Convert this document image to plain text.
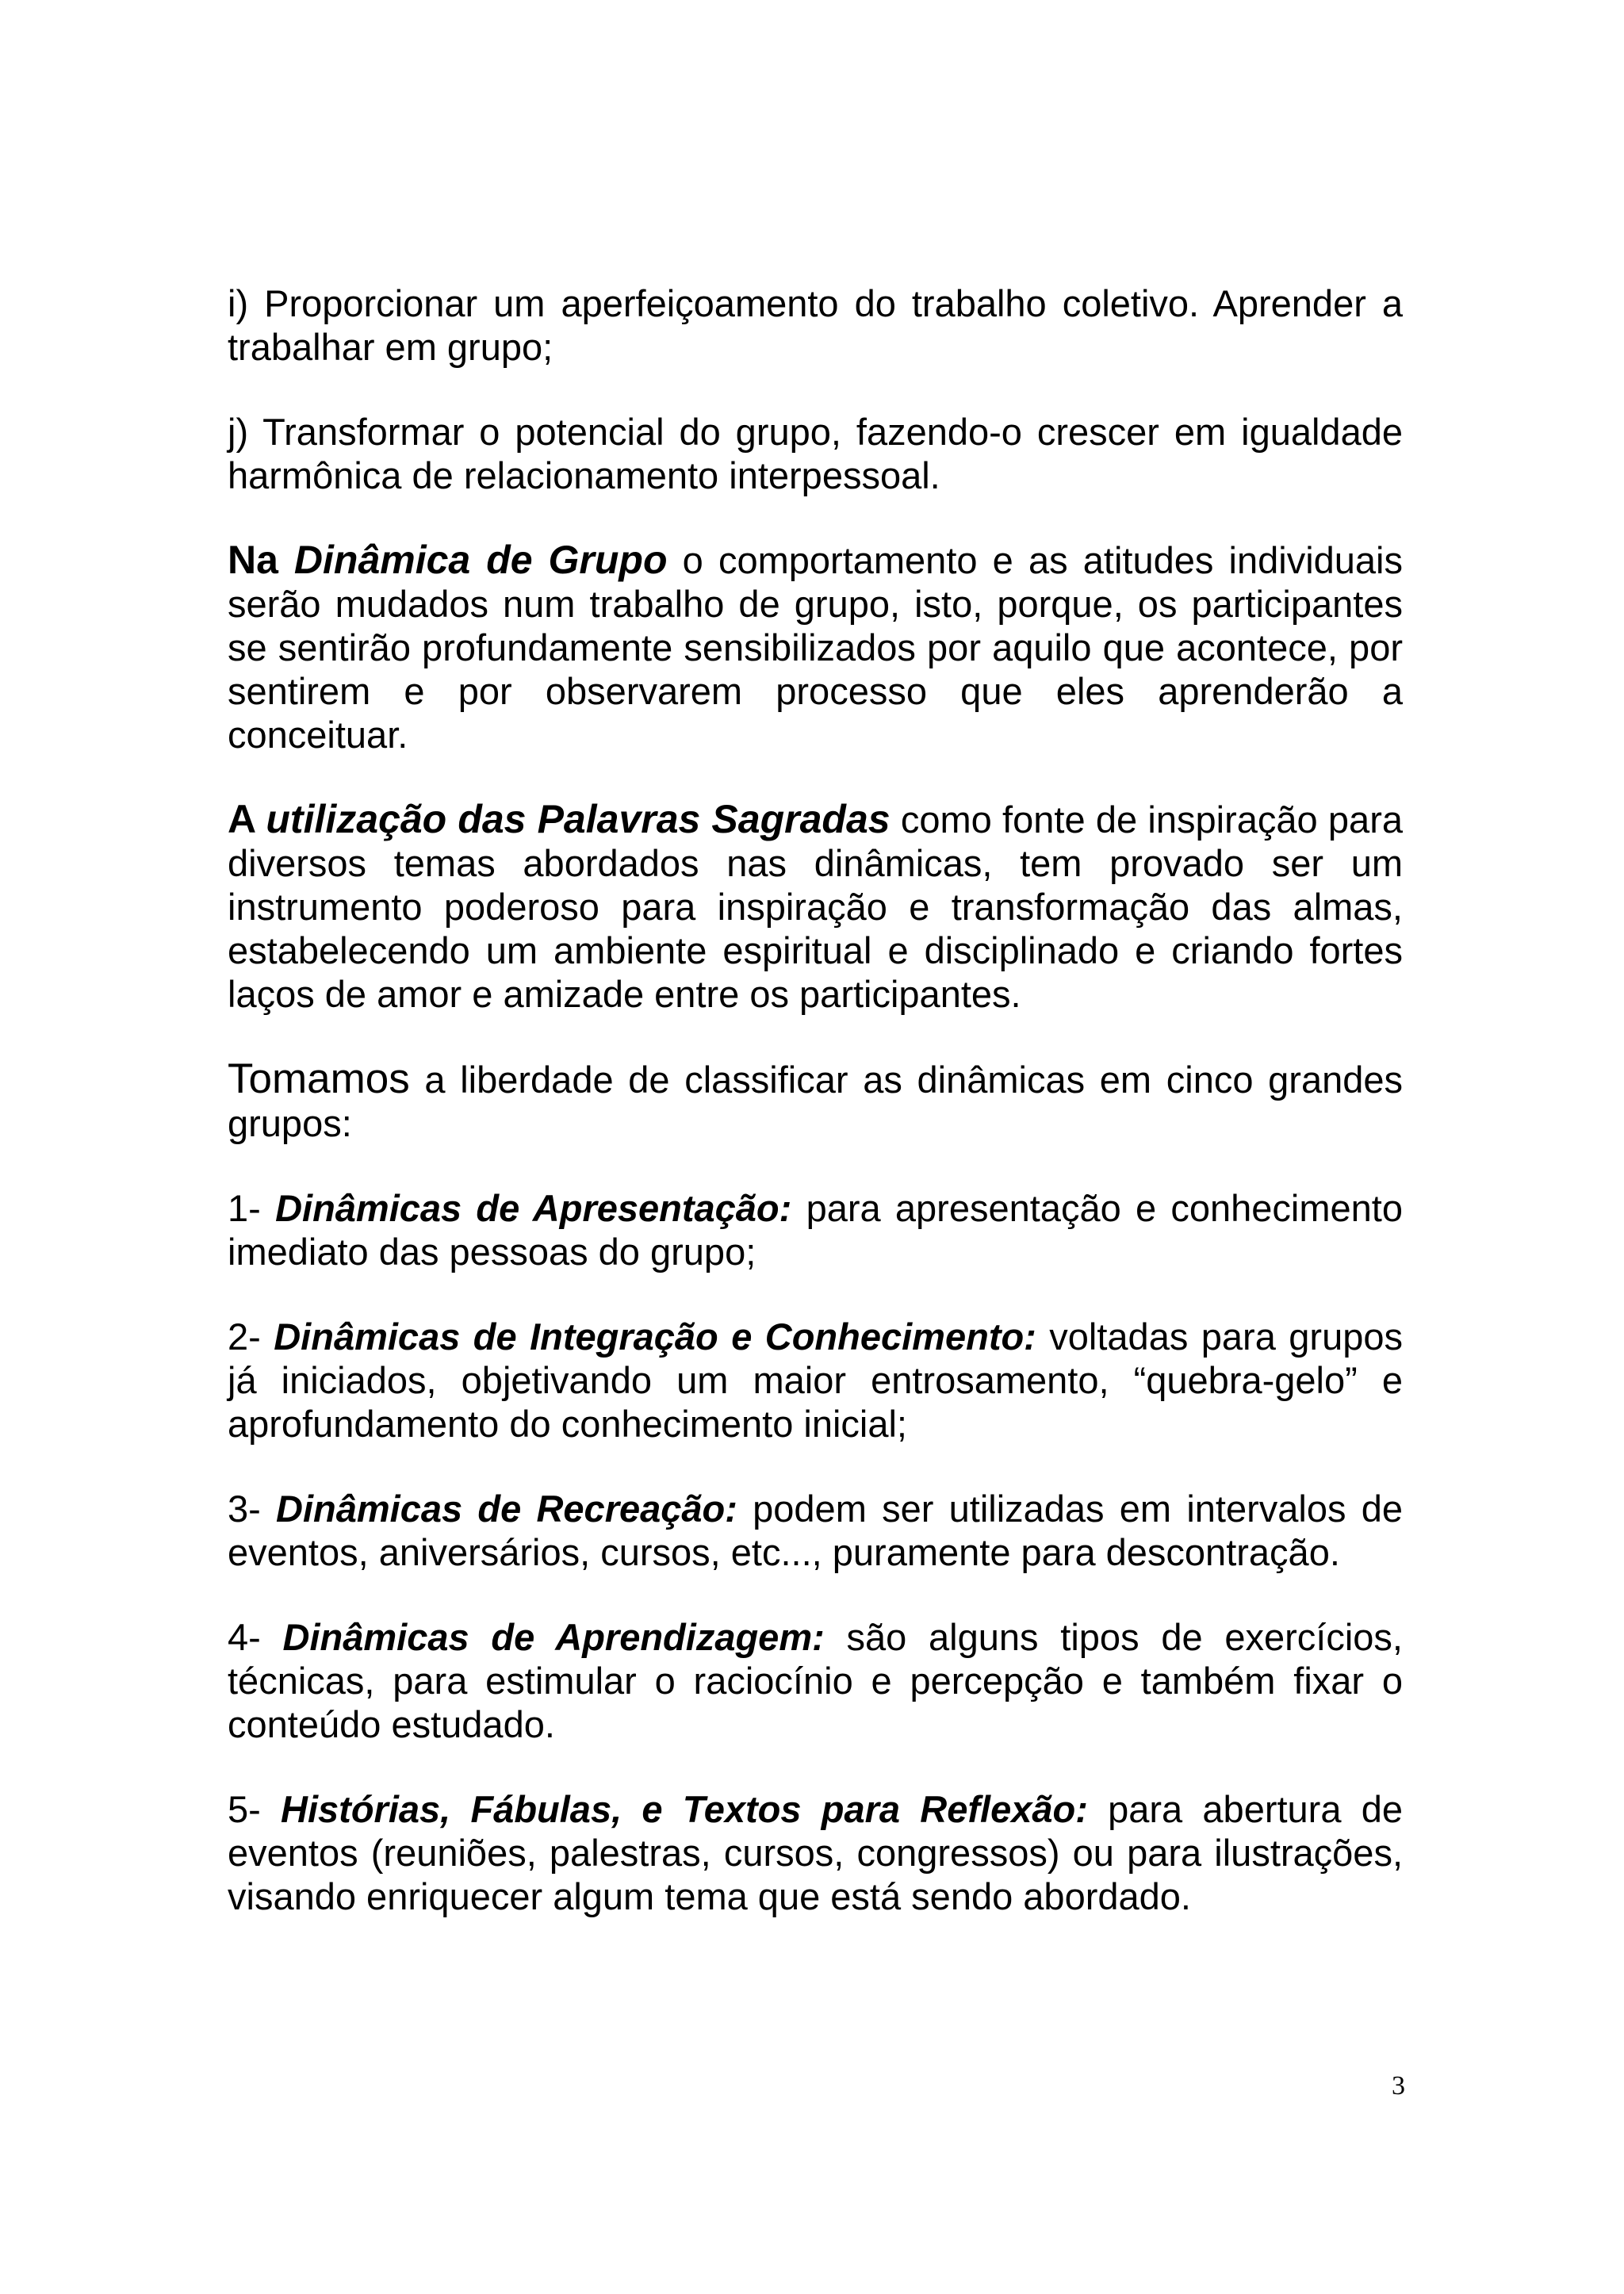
i) Proporcionar um aperfeiçoamento do trabalho coletivo. Aprender a trabalhar em grupo;

j) Transformar o potencial do grupo, fazendo-o crescer em igualdade harmônica de relacionamento interpessoal.

Na Dinâmica de Grupo o comportamento e as atitudes individuais serão mudados num trabalho de grupo, isto, porque, os participantes se sentirão profundamente sensibilizados por aquilo que acontece, por sentirem e por observarem processo que eles aprenderão a conceituar.

A utilização das Palavras Sagradas como fonte de inspiração para diversos temas abordados nas dinâmicas, tem provado ser um instrumento poderoso para inspiração e transformação das almas, estabelecendo um ambiente espiritual e disciplinado e criando fortes laços de amor e amizade entre os participantes.

Tomamos a liberdade de classificar as dinâmicas em cinco grandes grupos:

1- Dinâmicas de Apresentação: para apresentação e conhecimento imediato das pessoas do grupo;

2- Dinâmicas de Integração e Conhecimento: voltadas para grupos já iniciados, objetivando um maior entrosamento, “quebra-gelo” e aprofundamento do conhecimento inicial;

3- Dinâmicas de Recreação: podem ser utilizadas em intervalos de eventos, aniversários, cursos, etc..., puramente para descontração.

4- Dinâmicas de Aprendizagem: são alguns tipos de exercícios, técnicas, para estimular o raciocínio e percepção e também fixar o conteúdo estudado.

5- Histórias, Fábulas, e Textos para Reflexão: para abertura de eventos (reuniões, palestras, cursos, congressos) ou para ilustrações, visando enriquecer algum tema que está sendo abordado.

3
